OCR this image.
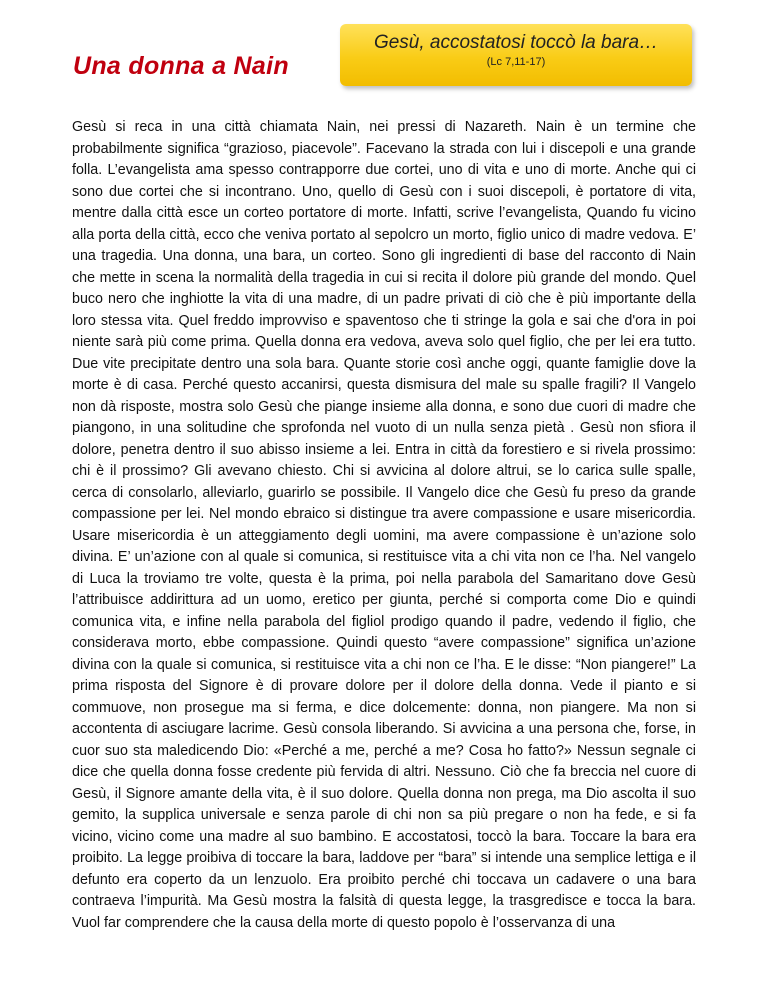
Una donna a Nain
Gesù, accostatosi toccò la bara…
(Lc 7,11-17)

Gesù si reca in una città chiamata Nain, nei pressi di Nazareth. Nain è un termine che probabilmente significa “grazioso, piacevole”. Facevano la strada con lui i discepoli e una grande folla. L’evangelista ama spesso contrapporre due cortei, uno di vita e uno di morte. Anche qui ci sono due cortei che si incontrano. Uno, quello di Gesù con i suoi discepoli, è portatore di vita, mentre dalla città esce un corteo portatore di morte. Infatti, scrive l’evangelista, Quando fu vicino alla porta della città, ecco che veniva portato al sepolcro un morto, figlio unico di madre vedova. E’ una tragedia. Una donna, una bara, un corteo. Sono gli ingredienti di base del racconto di Nain che mette in scena la normalità della tragedia in cui si recita il dolore più grande del mondo. Quel buco nero che inghiotte la vita di una madre, di un padre privati di ciò che è più importante della loro stessa vita. Quel freddo improvviso e spaventoso che ti stringe la gola e sai che d'ora in poi niente sarà più come prima. Quella donna era vedova, aveva solo quel figlio, che per lei era tutto. Due vite precipitate dentro una sola bara. Quante storie così anche oggi, quante famiglie dove la morte è di casa. Perché questo accanirsi, questa dismisura del male su spalle fragili? Il Vangelo non dà risposte, mostra solo Gesù che piange insieme alla donna, e sono due cuori di madre che piangono, in una solitudine che sprofonda nel vuoto di un nulla senza pietà . Gesù non sfiora il dolore, penetra dentro il suo abisso insieme a lei. Entra in città da forestiero e si rivela prossimo: chi è il prossimo? Gli avevano chiesto. Chi si avvicina al dolore altrui, se lo carica sulle spalle, cerca di consolarlo, alleviarlo, guarirlo se possibile. Il Vangelo dice che Gesù fu preso da grande compassione per lei. Nel mondo ebraico si distingue tra avere compassione e usare misericordia. Usare misericordia è un atteggiamento degli uomini, ma avere compassione è un’azione solo divina. E’ un’azione con al quale si comunica, si restituisce vita a chi vita non ce l’ha. Nel vangelo di Luca la troviamo tre volte, questa è la prima, poi nella parabola del Samaritano dove Gesù l’attribuisce addirittura ad un uomo, eretico per giunta, perché si comporta come Dio e quindi comunica vita, e infine nella parabola del figliol prodigo quando il padre, vedendo il figlio, che considerava morto, ebbe compassione. Quindi questo “avere compassione” significa un’azione divina con la quale si comunica, si restituisce vita a chi non ce l’ha. E le disse: “Non piangere!” La prima risposta del Signore è di provare dolore per il dolore della donna. Vede il pianto e si commuove, non prosegue ma si ferma, e dice dolcemente: donna, non piangere. Ma non si accontenta di asciugare lacrime. Gesù consola liberando. Si avvicina a una persona che, forse, in cuor suo sta maledicendo Dio: «Perché a me, perché a me? Cosa ho fatto?» Nessun segnale ci dice che quella donna fosse credente più fervida di altri. Nessuno. Ciò che fa breccia nel cuore di Gesù, il Signore amante della vita, è il suo dolore. Quella donna non prega, ma Dio ascolta il suo gemito, la supplica universale e senza parole di chi non sa più pregare o non ha fede, e si fa vicino, vicino come una madre al suo bambino. E accostatosi, toccò la bara. Toccare la bara era proibito. La legge proibiva di toccare la bara, laddove per “bara” si intende una semplice lettiga e il defunto era coperto da un lenzuolo. Era proibito perché chi toccava un cadavere o una bara contraeva l’impurità. Ma Gesù mostra la falsità di questa legge, la trasgredisce e tocca la bara. Vuol far comprendere che la causa della morte di questo popolo è l’osservanza di una
